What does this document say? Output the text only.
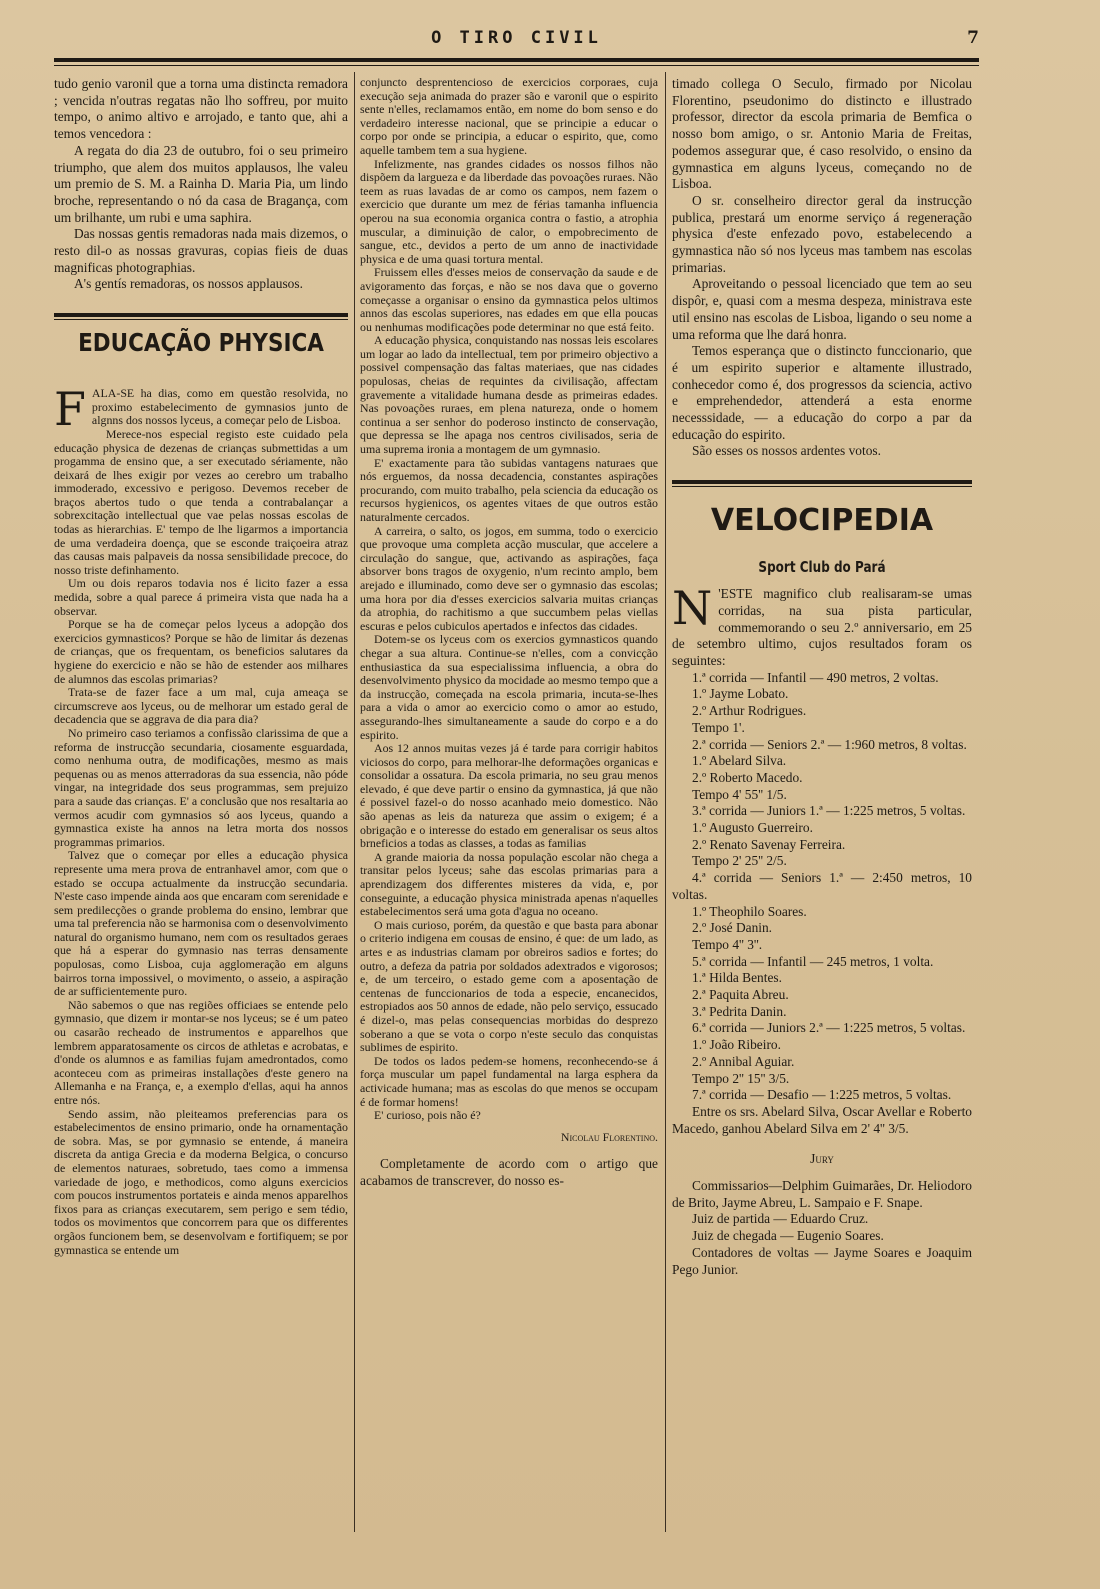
O TIRO CIVIL	7

tudo genio varonil que a torna uma distincta remadora ; vencida n'outras regatas não lho soffreu, por muito tempo, o animo altivo e arrojado, e tanto que, ahi a temos vencedora :

A regata do dia 23 de outubro, foi o seu primeiro triumpho, que alem dos muitos applausos, lhe valeu um premio de S. M. a Rainha D. Maria Pia, um lindo broche, representando o nó da casa de Bragança, com um brilhante, um rubi e uma saphira.

Das nossas gentis remadoras nada mais dizemos, o resto dil-o as nossas gravuras, copias fieis de duas magnificas photographias.

A's gentís remadoras, os nossos applausos.

EDUCAÇÃO PHYSICA

FALA-SE ha dias, como em questão resolvida, no proximo estabelecimento de gymnasios junto de algnns dos nossos lyceus, a começar pelo de Lisboa.

Merece-nos especial registo este cuidado pela educação physica de dezenas de crianças submettidas a um progamma de ensino que, a ser executado sériamente, não deixará de lhes exigir por vezes ao cerebro um trabalho immoderado, excessivo e perigoso. Devemos receber de braços abertos tudo o que tenda a contrabalançar a sobrexcitação intellectual que vae pelas nossas escolas de todas as hierarchias. E' tempo de lhe ligarmos a importancia de uma verdadeira doença, que se esconde traiçoeira atraz das causas mais palpaveis da nossa sensibilidade precoce, do nosso triste definhamento.

Um ou dois reparos todavia nos é licito fazer a essa medida, sobre a qual parece á primeira vista que nada ha a observar.

Porque se ha de começar pelos lyceus a adopção dos exercicios gymnasticos? Porque se hão de limitar ás dezenas de crianças, que os frequentam, os beneficios salutares da hygiene do exercicio e não se hão de estender aos milhares de alumnos das escolas primarias?

Trata-se de fazer face a um mal, cuja ameaça se circumscreve aos lyceus, ou de melhorar um estado geral de decadencia que se aggrava de dia para dia?

No primeiro caso teriamos a confissão clarissima de que a reforma de instrucção secundaria, ciosamente esguardada, como nenhuma outra, de modificações, mesmo as mais pequenas ou as menos atterradoras da sua essencia, não póde vingar, na integridade dos seus programmas, sem prejuizo para a saude das crianças. E' a conclusão que nos resaltaria ao vermos acudir com gymnasios só aos lyceus, quando a gymnastica existe ha annos na letra morta dos nossos programmas primarios.

Talvez que o começar por elles a educação physica represente uma mera prova de entranhavel amor, com que o estado se occupa actualmente da instrucção secundaria. N'este caso impende ainda aos que encaram com serenidade e sem predilecções o grande problema do ensino, lembrar que uma tal preferencia não se harmonisa com o desenvolvimento natural do organismo humano, nem com os resultados geraes que há a esperar do gymnasio nas terras densamente populosas, como Lisboa, cuja agglomeração em alguns bairros torna impossivel, o movimento, o asseio, a aspiração de ar sufficientemente puro.

Não sabemos o que nas regiões officiaes se entende pelo gymnasio, que dizem ir montar-se nos lyceus; se é um pateo ou casarão recheado de instrumentos e apparelhos que lembrem apparatosamente os circos de athletas e acrobatas, e d'onde os alumnos e as familias fujam amedrontados, como aconteceu com as primeiras installações d'este genero na Allemanha e na França, e, a exemplo d'ellas, aqui ha annos entre nós.

Sendo assim, não pleiteamos preferencias para os estabelecimentos de ensino primario, onde ha ornamentação de sobra. Mas, se por gymnasio se entende, á maneira discreta da antiga Grecia e da moderna Belgica, o concurso de elementos naturaes, sobretudo, taes como a immensa variedade de jogo, e methodicos, como alguns exercicios com poucos instrumentos portateis e ainda menos apparelhos fixos para as crianças executarem, sem perigo e sem tédio, todos os movimentos que concorrem para que os differentes orgãos funcionem bem, se desenvolvam e fortifiquem; se por gymnastica se entende um

conjuncto desprentencioso de exercicios corporaes, cuja execução seja animada do prazer são e varonil que o espirito sente n'elles, reclamamos então, em nome do bom senso e do verdadeiro interesse nacional, que se principie a educar o corpo por onde se principia, a educar o espirito, que, como aquelle tambem tem a sua hygiene.

Infelizmente, nas grandes cidades os nossos filhos não dispõem da largueza e da liberdade das povoações ruraes. Não teem as ruas lavadas de ar como os campos, nem fazem o exercicio que durante um mez de férias tamanha influencia operou na sua economia organica contra o fastio, a atrophia muscular, a diminuição de calor, o empobrecimento de sangue, etc., devidos a perto de um anno de inactividade physica e de uma quasi tortura mental.

Fruissem elles d'esses meios de conservação da saude e de avigoramento das forças, e não se nos dava que o governo começasse a organisar o ensino da gymnastica pelos ultimos annos das escolas superiores, nas edades em que ella poucas ou nenhumas modificações pode determinar no que está feito.

A educação physica, conquistando nas nossas leis escolares um logar ao lado da intellectual, tem por primeiro objectivo a possivel compensação das faltas materiaes, que nas cidades populosas, cheias de requintes da civilisação, affectam gravemente a vitalidade humana desde as primeiras edades. Nas povoações ruraes, em plena natureza, onde o homem continua a ser senhor do poderoso instincto de conservação, que depressa se lhe apaga nos centros civilisados, seria de uma suprema ironia a montagem de um gymnasio.

E' exactamente para tão subidas vantagens naturaes que nós erguemos, da nossa decadencia, constantes aspirações procurando, com muito trabalho, pela sciencia da educação os recursos hygienicos, os agentes vitaes de que outros estão naturalmente cercados.

A carreira, o salto, os jogos, em summa, todo o exercicio que provoque uma completa acção muscular, que accelere a circulação do sangue, que, activando as aspirações, faça absorver bons tragos de oxygenio, n'um recinto amplo, bem arejado e illuminado, como deve ser o gymnasio das escolas; uma hora por dia d'esses exercicios salvaria muitas crianças da atrophia, do rachitismo a que succumbem pelas viellas escuras e pelos cubiculos apertados e infectos das cidades.

Dotem-se os lyceus com os exercios gymnasticos quando chegar a sua altura. Continue-se n'elles, com a convicção enthusiastica da sua especialissima influencia, a obra do desenvolvimento physico da mocidade ao mesmo tempo que a da instrucção, começada na escola primaria, incuta-se-lhes para a vida o amor ao exercicio como o amor ao estudo, assegurando-lhes simultaneamente a saude do corpo e a do espirito.

Aos 12 annos muitas vezes já é tarde para corrigir habitos viciosos do corpo, para melhorar-lhe deformações organicas e consolidar a ossatura. Da escola primaria, no seu grau menos elevado, é que deve partir o ensino da gymnastica, já que não é possivel fazel-o do nosso acanhado meio domestico. Não são apenas as leis da natureza que assim o exigem; é a obrigação e o interesse do estado em generalisar os seus altos brneficios a todas as classes, a todas as familias

A grande maioria da nossa população escolar não chega a transitar pelos lyceus; sahe das escolas primarias para a aprendizagem dos differentes misteres da vida, e, por conseguinte, a educação physica ministrada apenas n'aquelles estabelecimentos será uma gota d'agua no oceano.

O mais curioso, porém, da questão e que basta para abonar o criterio indigena em cousas de ensino, é que: de um lado, as artes e as industrias clamam por obreiros sadios e fortes; do outro, a defeza da patria por soldados adextrados e vigorosos; e, de um terceiro, o estado geme com a aposentação de centenas de funccionarios de toda a especie, encanecidos, estropiados aos 50 annos de edade, não pelo serviço, essucado é dizel-o, mas pelas consequencias morbidas do desprezo soberano a que se vota o corpo n'este seculo das conquistas sublimes de espirito.

De todos os lados pedem-se homens, reconhecendo-se á força muscular um papel fundamental na larga esphera da activicade humana; mas as escolas do que menos se occupam é de formar homens!

E' curioso, pois não é?

Nicolau Florentino.

Completamente de acordo com o artigo que acabamos de transcrever, do nosso es-

timado collega O Seculo, firmado por Nicolau Florentino, pseudonimo do distincto e illustrado professor, director da escola primaria de Bemfica o nosso bom amigo, o sr. Antonio Maria de Freitas, podemos assegurar que, é caso resolvido, o ensino da gymnastica em alguns lyceus, começando no de Lisboa.

O sr. conselheiro director geral da instrucção publica, prestará um enorme serviço á regeneração physica d'este enfezado povo, estabelecendo a gymnastica não só nos lyceus mas tambem nas escolas primarias.

Aproveitando o pessoal licenciado que tem ao seu dispôr, e, quasi com a mesma despeza, ministrava este util ensino nas escolas de Lisboa, ligando o seu nome a uma reforma que lhe dará honra.

Temos esperança que o distincto funccionario, que é um espirito superior e altamente illustrado, conhecedor como é, dos progressos da sciencia, activo e emprehendedor, attenderá a esta enorme necesssidade, — a educação do corpo a par da educação do espirito.

São esses os nossos ardentes votos.

VELOCIPEDIA
Sport Club do Pará

N 'ESTE magnifico club realisaram-se umas corridas, na sua pista particular, commemorando o seu 2.º anniversario, em 25 de setembro ultimo, cujos resultados foram os seguintes:

1.ª corrida — Infantil — 490 metros, 2 voltas.

1.º Jayme Lobato.

2.º Arthur Rodrigues.

Tempo 1'.

2.ª corrida — Seniors 2.ª — 1:960 metros, 8 voltas.

1.º Abelard Silva.

2.º Roberto Macedo.

Tempo 4' 55'' 1/5.

3.ª corrida — Juniors 1.ª — 1:225 metros, 5 voltas.

1.º Augusto Guerreiro.

2.º Renato Savenay Ferreira.

Tempo 2' 25'' 2/5.

4.ª corrida — Seniors 1.ª — 2:450 metros, 10 voltas.

1.º Theophilo Soares.

2.º José Danin.

Tempo 4'' 3''.

5.ª corrida — Infantil — 245 metros, 1 volta.

1.ª Hilda Bentes.

2.ª Paquita Abreu.

3.ª Pedrita Danin.

6.ª corrida — Juniors 2.ª — 1:225 metros, 5 voltas.

1.º João Ribeiro.

2.º Annibal Aguiar.

Tempo 2'' 15'' 3/5.

7.ª corrida — Desafio — 1:225 metros, 5 voltas.

Entre os srs. Abelard Silva, Oscar Avellar e Roberto Macedo, ganhou Abelard Silva em 2' 4'' 3/5.

Jury

Commissarios—Delphim Guimarães, Dr. Heliodoro de Brito, Jayme Abreu, L. Sampaio e F. Snape.

Juiz de partida — Eduardo Cruz.

Juiz de chegada — Eugenio Soares.

Contadores de voltas — Jayme Soares e Joaquim Pego Junior.
